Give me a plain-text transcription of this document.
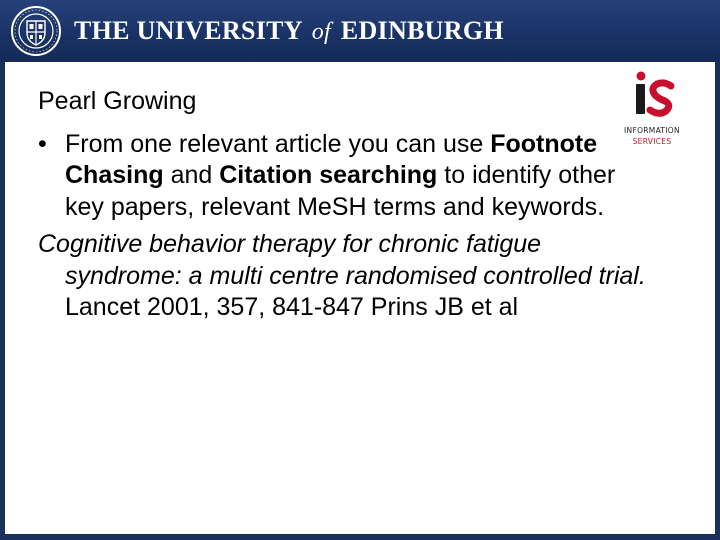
THE UNIVERSITY of EDINBURGH
INFORMATION
SERVICES

Pearl Growing

• From one relevant article you can use Footnote Chasing and Citation searching to identify other key papers, relevant MeSH terms and keywords.
Cognitive behavior therapy for chronic fatigue syndrome: a multi centre randomised controlled trial. Lancet 2001, 357, 841-847 Prins JB et al
